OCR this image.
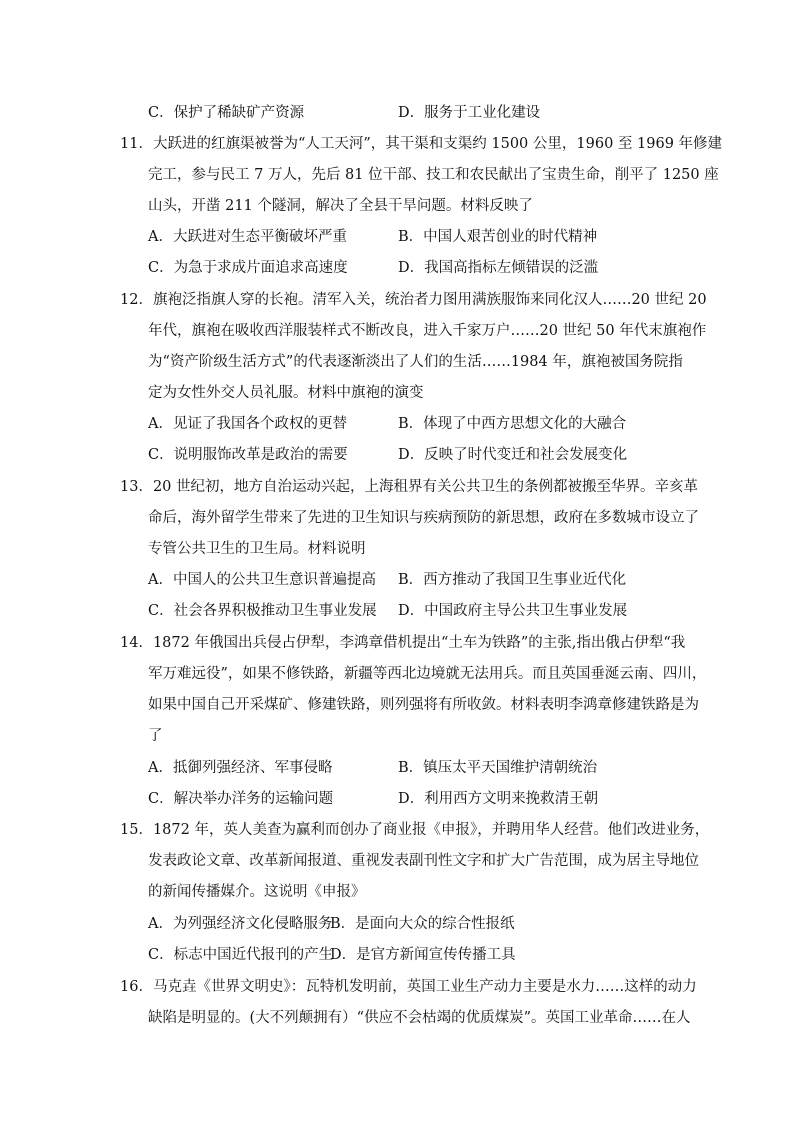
C．保护了稀缺矿产资源	D．服务于工业化建设
11．大跃进的红旗渠被誉为“人工天河”，其干渠和支渠约 1500 公里，1960 至 1969 年修建
完工，参与民工 7 万人，先后 81 位干部、技工和农民献出了宝贵生命，削平了 1250 座
山头，开凿 211 个隧洞，解决了全县干旱问题。材料反映了
A．大跃进对生态平衡破坏严重	B．中国人艰苦创业的时代精神
C．为急于求成片面追求高速度	D．我国高指标左倾错误的泛滥
12．旗袍泛指旗人穿的长袍。清军入关，统治者力图用满族服饰来同化汉人……20 世纪 20
年代，旗袍在吸收西洋服装样式不断改良，进入千家万户……20 世纪 50 年代末旗袍作
为“资产阶级生活方式”的代表逐渐淡出了人们的生活……1984 年，旗袍被国务院指
定为女性外交人员礼服。材料中旗袍的演变
A．见证了我国各个政权的更替	B．体现了中西方思想文化的大融合
C．说明服饰改革是政治的需要	D．反映了时代变迁和社会发展变化
13．20 世纪初，地方自治运动兴起，上海租界有关公共卫生的条例都被搬至华界。辛亥革
命后，海外留学生带来了先进的卫生知识与疾病预防的新思想，政府在多数城市设立了
专管公共卫生的卫生局。材料说明
A．中国人的公共卫生意识普遍提高 B．西方推动了我国卫生事业近代化
C．社会各界积极推动卫生事业发展 D．中国政府主导公共卫生事业发展
14．1872 年俄国出兵侵占伊犁，李鸿章借机提出“土车为铁路”的主张,指出俄占伊犁“我
军万难远役”，如果不修铁路，新疆等西北边境就无法用兵。而且英国垂涎云南、四川，
如果中国自己开采煤矿、修建铁路，则列强将有所收敛。材料表明李鸿章修建铁路是为
了
A．抵御列强经济、军事侵略	B．镇压太平天国维护清朝统治
C．解决举办洋务的运输问题	D．利用西方文明来挽救清王朝
15．1872 年，英人美查为赢利而创办了商业报《申报》，并聘用华人经营。他们改进业务，
发表政论文章、改革新闻报道、重视发表副刊性文字和扩大广告范围，成为居主导地位
的新闻传播媒介。这说明《申报》
A．为列强经济文化侵略服务
B．是面向大众的综合性报纸
C．标志中国近代报刊的产生
D．是官方新闻宣传传播工具
16．马克垚《世界文明史》：瓦特机发明前，英国工业生产动力主要是水力……这样的动力
缺陷是明显的。(大不列颠拥有）“供应不会枯竭的优质煤炭”。英国工业革命……在人
